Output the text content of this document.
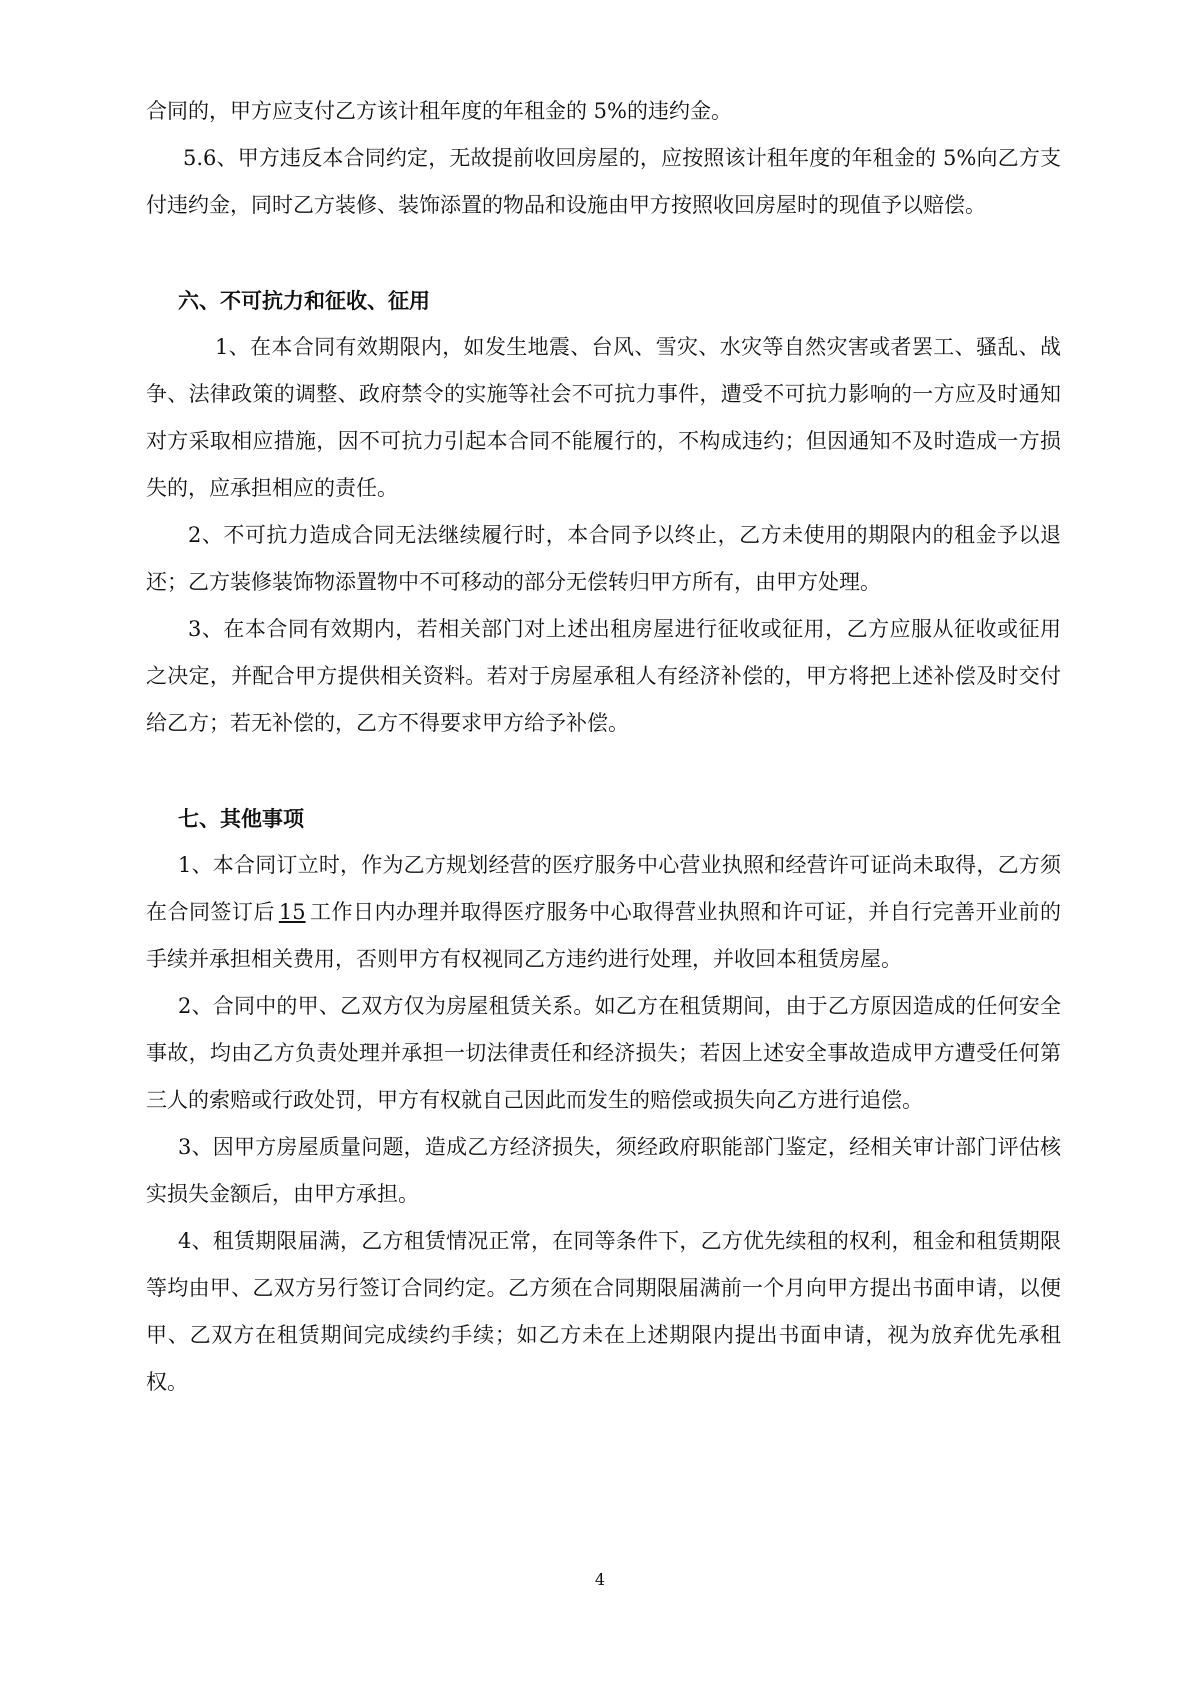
合同的，甲方应支付乙方该计租年度的年租金的 5%的违约金。

5.6、甲方违反本合同约定，无故提前收回房屋的，应按照该计租年度的年租金的 5%向乙方支付违约金，同时乙方装修、装饰添置的物品和设施由甲方按照收回房屋时的现值予以赔偿。

六、不可抗力和征收、征用

1、在本合同有效期限内，如发生地震、台风、雪灾、水灾等自然灾害或者罢工、骚乱、战争、法律政策的调整、政府禁令的实施等社会不可抗力事件，遭受不可抗力影响的一方应及时通知对方采取相应措施，因不可抗力引起本合同不能履行的，不构成违约；但因通知不及时造成一方损失的，应承担相应的责任。

2、不可抗力造成合同无法继续履行时，本合同予以终止，乙方未使用的期限内的租金予以退还；乙方装修装饰物添置物中不可移动的部分无偿转归甲方所有，由甲方处理。

3、在本合同有效期内，若相关部门对上述出租房屋进行征收或征用，乙方应服从征收或征用之决定，并配合甲方提供相关资料。若对于房屋承租人有经济补偿的，甲方将把上述补偿及时交付给乙方；若无补偿的，乙方不得要求甲方给予补偿。

七、其他事项

1、本合同订立时，作为乙方规划经营的医疗服务中心营业执照和经营许可证尚未取得，乙方须在合同签订后 15 工作日内办理并取得医疗服务中心取得营业执照和许可证，并自行完善开业前的手续并承担相关费用，否则甲方有权视同乙方违约进行处理，并收回本租赁房屋。

2、合同中的甲、乙双方仅为房屋租赁关系。如乙方在租赁期间，由于乙方原因造成的任何安全事故，均由乙方负责处理并承担一切法律责任和经济损失；若因上述安全事故造成甲方遭受任何第三人的索赔或行政处罚，甲方有权就自己因此而发生的赔偿或损失向乙方进行追偿。

3、因甲方房屋质量问题，造成乙方经济损失，须经政府职能部门鉴定，经相关审计部门评估核实损失金额后，由甲方承担。

4、租赁期限届满，乙方租赁情况正常，在同等条件下，乙方优先续租的权利，租金和租赁期限等均由甲、乙双方另行签订合同约定。乙方须在合同期限届满前一个月向甲方提出书面申请，以便甲、乙双方在租赁期间完成续约手续；如乙方未在上述期限内提出书面申请，视为放弃优先承租权。

4
